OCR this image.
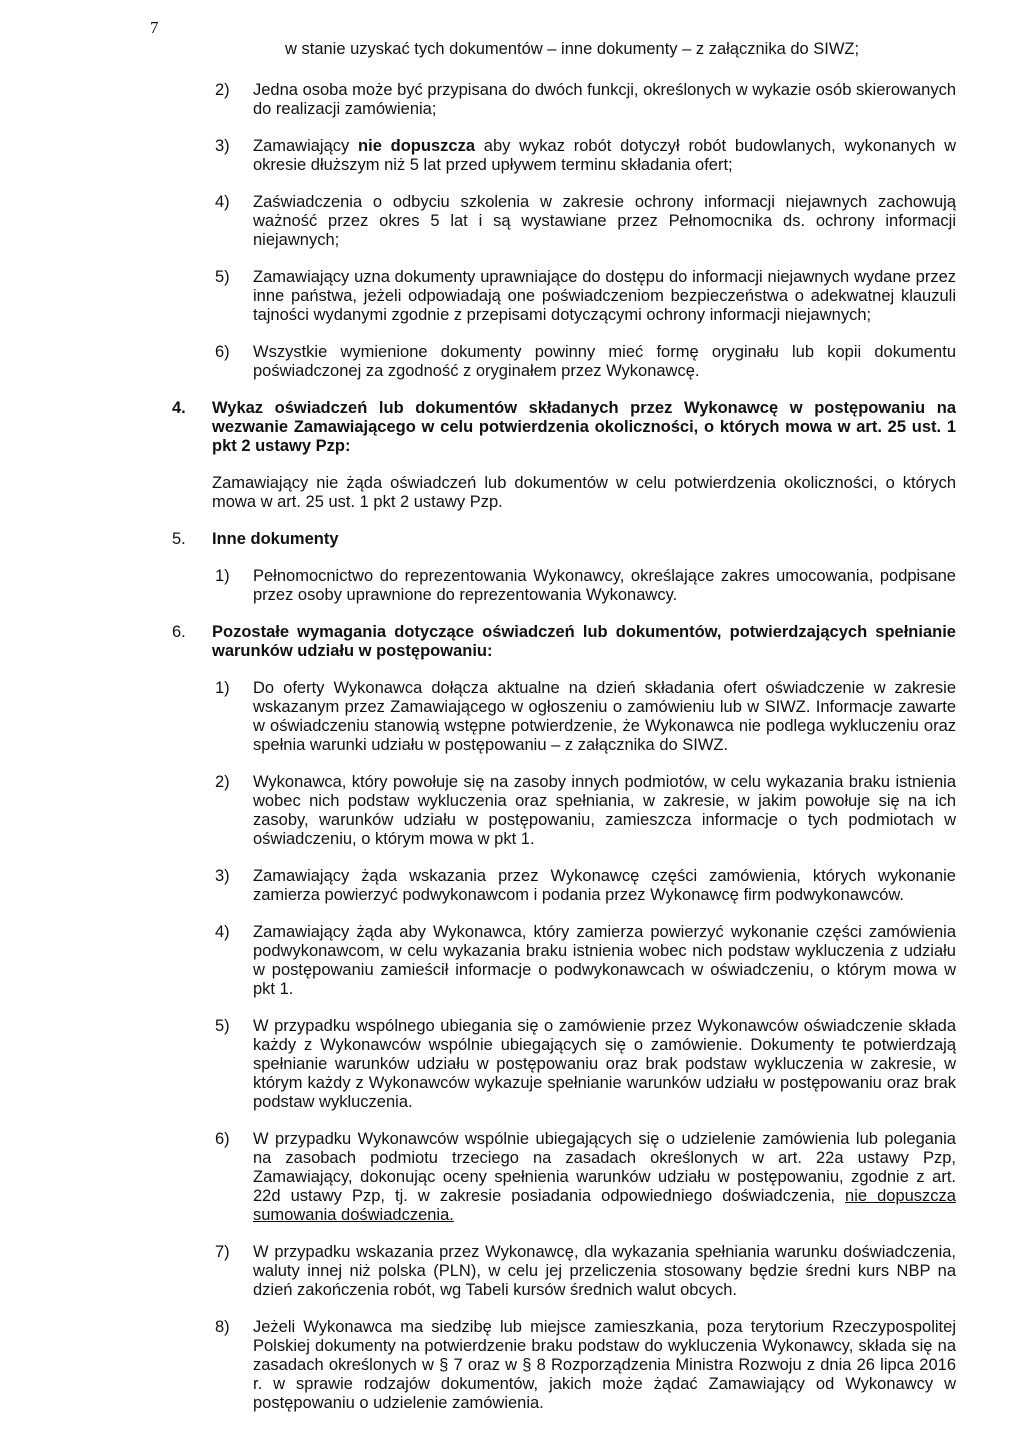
7
w stanie uzyskać tych dokumentów – inne dokumenty – z załącznika do SIWZ;
2) Jedna osoba może być przypisana do dwóch funkcji, określonych w wykazie osób skierowanych do realizacji zamówienia;
3) Zamawiający nie dopuszcza aby wykaz robót dotyczył robót budowlanych, wykonanych w okresie dłuższym niż 5 lat przed upływem terminu składania ofert;
4) Zaświadczenia o odbyciu szkolenia w zakresie ochrony informacji niejawnych zachowują ważność przez okres 5 lat i są wystawiane przez Pełnomocnika ds. ochrony informacji niejawnych;
5) Zamawiający uzna dokumenty uprawniające do dostępu do informacji niejawnych wydane przez inne państwa, jeżeli odpowiadają one poświadczeniom bezpieczeństwa o adekwatnej klauzuli tajności wydanymi zgodnie z przepisami dotyczącymi ochrony informacji niejawnych;
6) Wszystkie wymienione dokumenty powinny mieć formę oryginału lub kopii dokumentu poświadczonej za zgodność z oryginałem przez Wykonawcę.
4. Wykaz oświadczeń lub dokumentów składanych przez Wykonawcę w postępowaniu na wezwanie Zamawiającego w celu potwierdzenia okoliczności, o których mowa w art. 25 ust. 1 pkt 2 ustawy Pzp:
Zamawiający nie żąda oświadczeń lub dokumentów w celu potwierdzenia okoliczności, o których mowa w art. 25 ust. 1 pkt 2 ustawy Pzp.
5. Inne dokumenty
1) Pełnomocnictwo do reprezentowania Wykonawcy, określające zakres umocowania, podpisane przez osoby uprawnione do reprezentowania Wykonawcy.
6. Pozostałe wymagania dotyczące oświadczeń lub dokumentów, potwierdzających spełnianie warunków udziału w postępowaniu:
1) Do oferty Wykonawca dołącza aktualne na dzień składania ofert oświadczenie w zakresie wskazanym przez Zamawiającego w ogłoszeniu o zamówieniu lub w SIWZ. Informacje zawarte w oświadczeniu stanowią wstępne potwierdzenie, że Wykonawca nie podlega wykluczeniu oraz spełnia warunki udziału w postępowaniu – z załącznika do SIWZ.
2) Wykonawca, który powołuje się na zasoby innych podmiotów, w celu wykazania braku istnienia wobec nich podstaw wykluczenia oraz spełniania, w zakresie, w jakim powołuje się na ich zasoby, warunków udziału w postępowaniu, zamieszcza informacje o tych podmiotach w oświadczeniu, o którym mowa w pkt 1.
3) Zamawiający żąda wskazania przez Wykonawcę części zamówienia, których wykonanie zamierza powierzyć podwykonawcom i podania przez Wykonawcę firm podwykonawców.
4) Zamawiający żąda aby Wykonawca, który zamierza powierzyć wykonanie części zamówienia podwykonawcom, w celu wykazania braku istnienia wobec nich podstaw wykluczenia z udziału w postępowaniu zamieścił informacje o podwykonawcach w oświadczeniu, o którym mowa w pkt 1.
5) W przypadku wspólnego ubiegania się o zamówienie przez Wykonawców oświadczenie składa każdy z Wykonawców wspólnie ubiegających się o zamówienie. Dokumenty te potwierdzają spełnianie warunków udziału w postępowaniu oraz brak podstaw wykluczenia w zakresie, w którym każdy z Wykonawców wykazuje spełnianie warunków udziału w postępowaniu oraz brak podstaw wykluczenia.
6) W przypadku Wykonawców wspólnie ubiegających się o udzielenie zamówienia lub polegania na zasobach podmiotu trzeciego na zasadach określonych w art. 22a ustawy Pzp, Zamawiający, dokonując oceny spełnienia warunków udziału w postępowaniu, zgodnie z art. 22d ustawy Pzp, tj. w zakresie posiadania odpowiedniego doświadczenia, nie dopuszcza sumowania doświadczenia.
7) W przypadku wskazania przez Wykonawcę, dla wykazania spełniania warunku doświadczenia, waluty innej niż polska (PLN), w celu jej przeliczenia stosowany będzie średni kurs NBP na dzień zakończenia robót, wg Tabeli kursów średnich walut obcych.
8) Jeżeli Wykonawca ma siedzibę lub miejsce zamieszkania, poza terytorium Rzeczypospolitej Polskiej dokumenty na potwierdzenie braku podstaw do wykluczenia Wykonawcy, składa się na zasadach określonych w § 7 oraz w § 8 Rozporządzenia Ministra Rozwoju z dnia 26 lipca 2016 r. w sprawie rodzajów dokumentów, jakich może żądać Zamawiający od Wykonawcy w postępowaniu o udzielenie zamówienia.
